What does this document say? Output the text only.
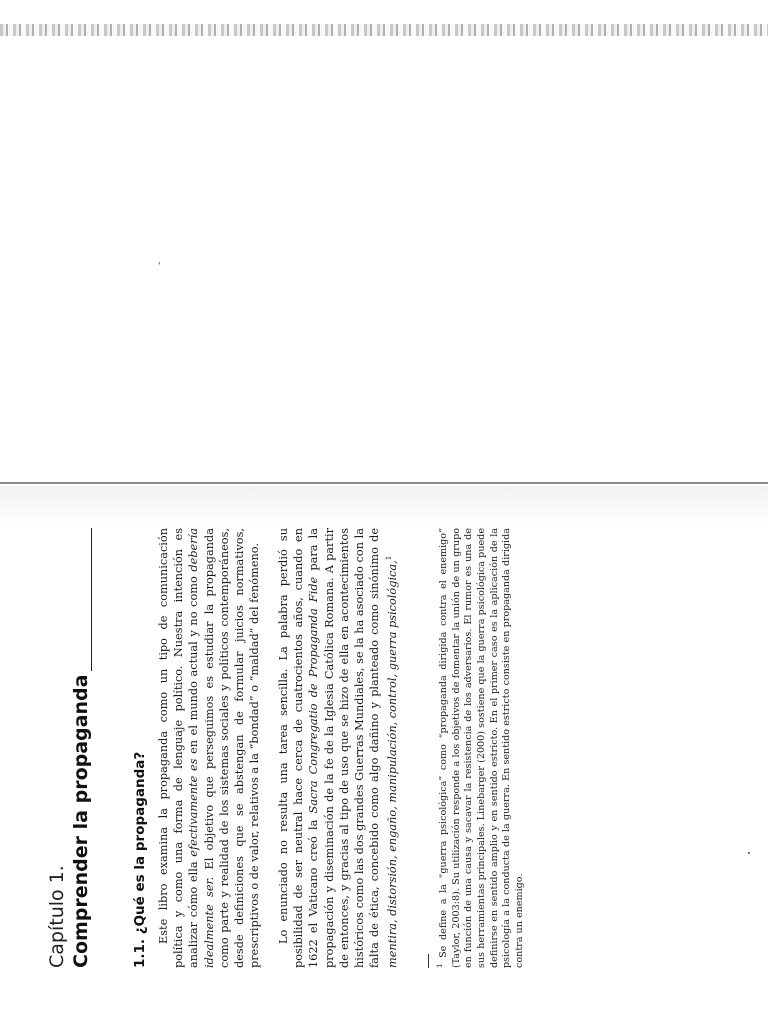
'
Capítulo 1. Comprender la propaganda	1.1. ¿Qué es la propaganda? Este libro examina la propaganda como un tipo de comunicación política y como una forma de lenguaje político. Nuestra intención es analizar cómo ella efectivamente es en el mundo actual y no como debería idealmente ser. El objetivo que perseguimos es estudiar la propaganda como parte y realidad de los sistemas sociales y políticos contemporáneos, desde definiciones que se abstengan de formular juicios normativos, prescriptivos o de valor, relativos a la “bondad” o “maldad” del fenómeno. Lo enunciado no resulta una tarea sencilla. La palabra perdió su posibilidad de ser neutral hace cerca de cuatrocientos años, cuando en 1622 el Vaticano creó la Sacra Congregatio de Propaganda Fide para la propagación y diseminación de la fe de la Iglesia Católica Romana. A partir de entonces, y gracias al tipo de uso que se hizo de ella en acontecimientos históricos como las dos grandes Guerras Mundiales, se la ha asociado con la falta de ética, concebido como algo dañino y planteado como sinónimo de mentira, distorsión, engaño, manipulación, control, guerra psicológica,$^1$

$^1$ Se define a la “guerra psicológica” como “propaganda dirigida contra el enemigo” (Taylor, 2003:8). Su utilización responde a los objetivos de fomentar la unión de un grupo en función de una causa y sacavar la resistencia de los adversarios. El rumor es una de sus herramientas principales. Linebarger (2000) sostiene que la guerra psicológica puede definirse en sentido amplio y en sentido estricto. En el primer caso es la aplicación de la psicología a la conducta de la guerra. En sentido estricto consiste en propaganda dirigida contra un enemigo.
